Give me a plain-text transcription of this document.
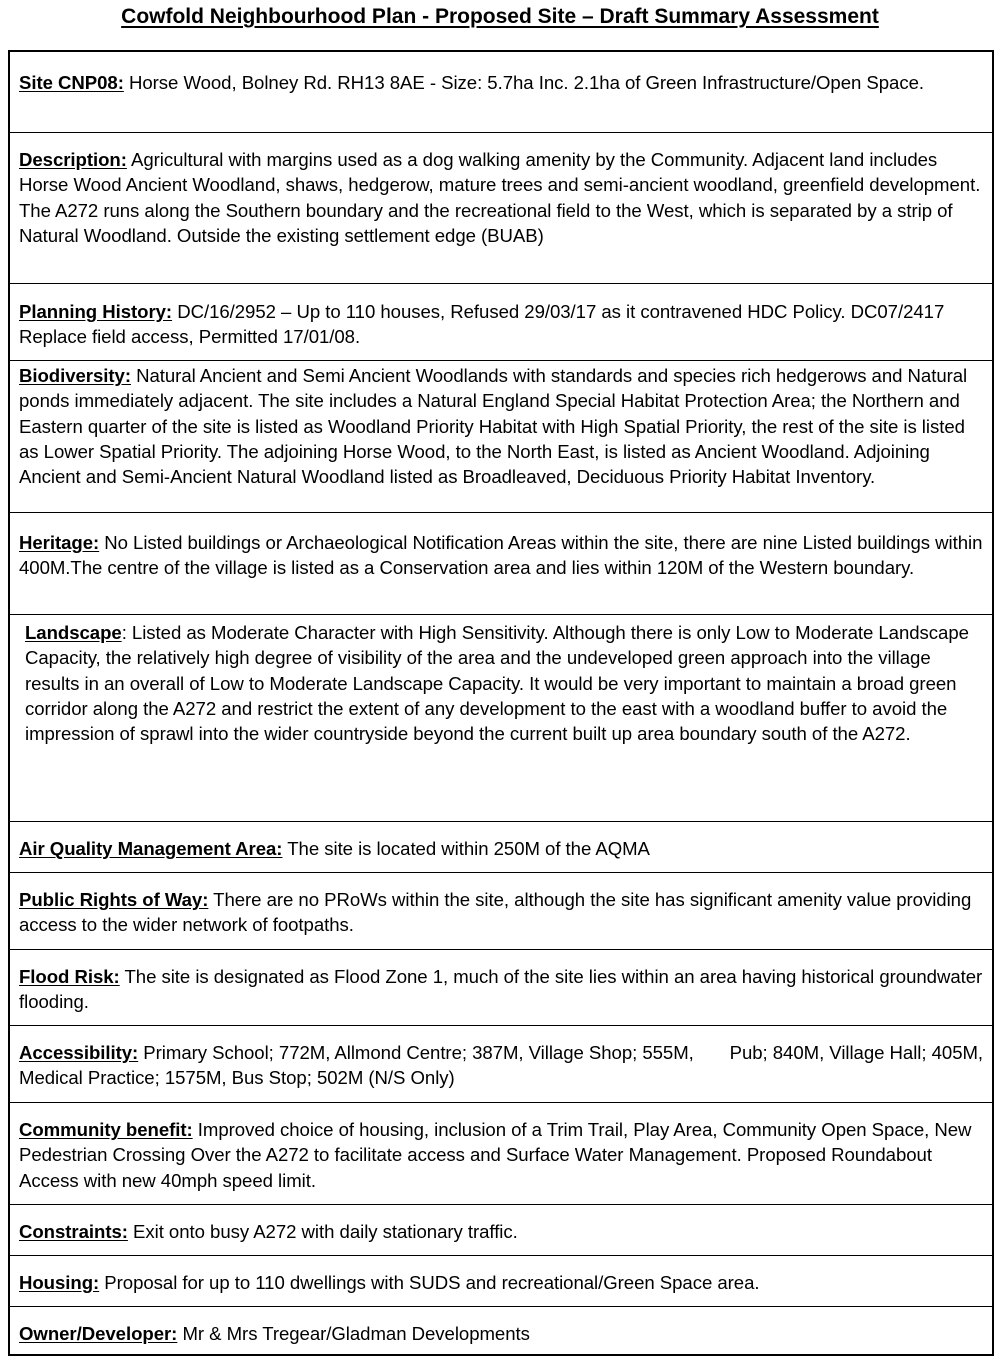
Cowfold Neighbourhood Plan - Proposed Site – Draft Summary Assessment
Site CNP08: Horse Wood, Bolney Rd. RH13 8AE - Size: 5.7ha Inc. 2.1ha of Green Infrastructure/Open Space.
Description: Agricultural with margins used as a dog walking amenity by the Community. Adjacent land includes Horse Wood Ancient Woodland, shaws, hedgerow, mature trees and semi-ancient woodland, greenfield development. The A272 runs along the Southern boundary and the recreational field to the West, which is separated by a strip of Natural Woodland. Outside the existing settlement edge (BUAB)
Planning History: DC/16/2952 – Up to 110 houses, Refused 29/03/17 as it contravened HDC Policy. DC07/2417 Replace field access, Permitted 17/01/08.
Biodiversity: Natural Ancient and Semi Ancient Woodlands with standards and species rich hedgerows and Natural ponds immediately adjacent. The site includes a Natural England Special Habitat Protection Area; the Northern and Eastern quarter of the site is listed as Woodland Priority Habitat with High Spatial Priority, the rest of the site is listed as Lower Spatial Priority. The adjoining Horse Wood, to the North East, is listed as Ancient Woodland. Adjoining Ancient and Semi-Ancient Natural Woodland listed as Broadleaved, Deciduous Priority Habitat Inventory.
Heritage: No Listed buildings or Archaeological Notification Areas within the site, there are nine Listed buildings within 400M.The centre of the village is listed as a Conservation area and lies within 120M of the Western boundary.
Landscape: Listed as Moderate Character with High Sensitivity. Although there is only Low to Moderate Landscape Capacity, the relatively high degree of visibility of the area and the undeveloped green approach into the village results in an overall of Low to Moderate Landscape Capacity. It would be very important to maintain a broad green corridor along the A272 and restrict the extent of any development to the east with a woodland buffer to avoid the impression of sprawl into the wider countryside beyond the current built up area boundary south of the A272.
Air Quality Management Area: The site is located within 250M of the AQMA
Public Rights of Way: There are no PRoWs within the site, although the site has significant amenity value providing access to the wider network of footpaths.
Flood Risk: The site is designated as Flood Zone 1, much of the site lies within an area having historical groundwater flooding.
Accessibility: Primary School; 772M, Allmond Centre; 387M, Village Shop; 555M, Pub; 840M, Village Hall; 405M, Medical Practice; 1575M, Bus Stop; 502M (N/S Only)
Community benefit: Improved choice of housing, inclusion of a Trim Trail, Play Area, Community Open Space, New Pedestrian Crossing Over the A272 to facilitate access and Surface Water Management. Proposed Roundabout Access with new 40mph speed limit.
Constraints: Exit onto busy A272 with daily stationary traffic.
Housing: Proposal for up to 110 dwellings with SUDS and recreational/Green Space area.
Owner/Developer: Mr & Mrs Tregear/Gladman Developments
